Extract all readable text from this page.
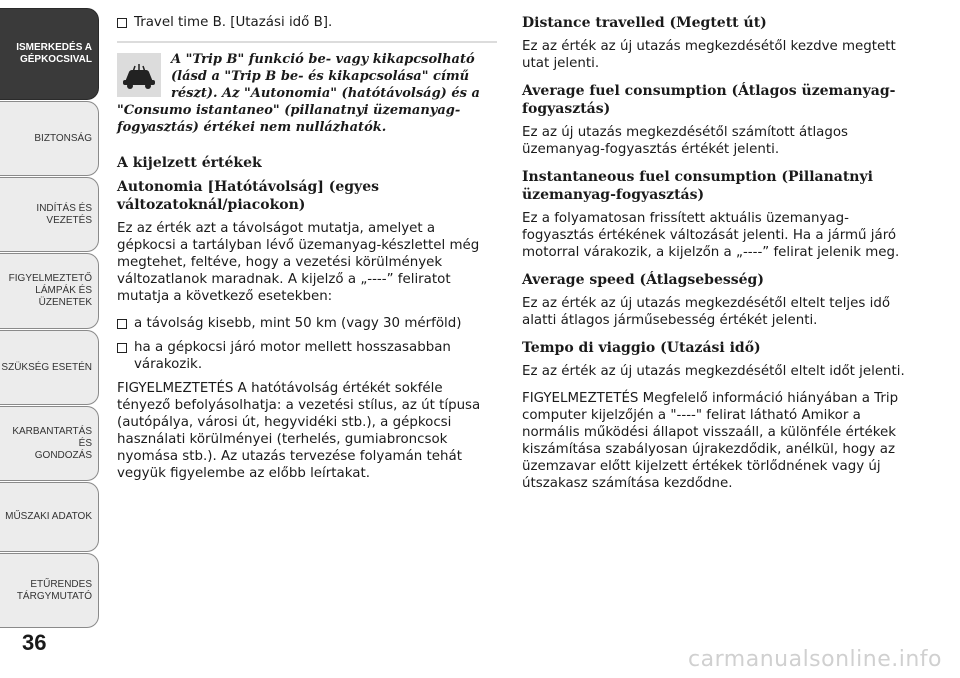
ISMERKEDÉS A
GÉPKOCSIVAL
BIZTONSÁG
INDÍTÁS ÉS VEZETÉS
FIGYELMEZTETŐ
LÁMPÁK ÉS
ÜZENETEK
SZÜKSÉG ESETÉN
KARBANTARTÁS ÉS
GONDOZÁS
MŰSZAKI ADATOK
ETŰRENDES
TÁRGYMUTATÓ
36
Travel time B. [Utazási idő B].
A "Trip B" funkció be- vagy kikapcsolható (lásd a "Trip B be- és kikapcsolása" című részt). Az "Autonomia" (hatótávolság) és a "Consumo istantaneo" (pillanatnyi üzemanyag-fogyasztás) értékei nem nullázhatók.
A kijelzett értékek
Autonomia [Hatótávolság] (egyes változatoknál/piacokon)

Ez az érték azt a távolságot mutatja, amelyet a gépkocsi a tartályban lévő üzemanyag-készlettel még megtehet, feltéve, hogy a vezetési körülmények változatlanok maradnak. A kijelző a „----” feliratot mutatja a következő esetekben:

a távolság kisebb, mint 50 km (vagy 30 mérföld)
ha a gépkocsi járó motor mellett hosszasabban várakozik.

FIGYELMEZTETÉS A hatótávolság értékét sokféle tényező befolyásolhatja: a vezetési stílus, az út típusa (autópálya, városi út, hegyvidéki stb.), a gépkocsi használati körülményei (terhelés, gumiabroncsok nyomása stb.). Az utazás tervezése folyamán tehát vegyük figyelembe az előbb leírtakat.

Distance travelled (Megtett út)

Ez az érték az új utazás megkezdésétől kezdve megtett utat jelenti.

Average fuel consumption (Átlagos üzemanyag-fogyasztás)

Ez az új utazás megkezdésétől számított átlagos üzemanyag-fogyasztás értékét jelenti.

Instantaneous fuel consumption (Pillanatnyi üzemanyag-fogyasztás)

Ez a folyamatosan frissített aktuális üzemanyag-fogyasztás értékének változását jelenti. Ha a jármű járó motorral várakozik, a kijelzőn a „----” felirat jelenik meg.

Average speed (Átlagsebesség)

Ez az érték az új utazás megkezdésétől eltelt teljes idő alatti átlagos járműsebesség értékét jelenti.

Tempo di viaggio (Utazási idő)

Ez az érték az új utazás megkezdésétől eltelt időt jelenti.

FIGYELMEZTETÉS Megfelelő információ hiányában a Trip computer kijelzőjén a "----" felirat látható Amikor a normális működési állapot visszaáll, a különféle értékek kiszámítása szabályosan újrakezdődik, anélkül, hogy az üzemzavar előtt kijelzett értékek törlődnének vagy új útszakasz számítása kezdődne.

carmanualsonline.info
